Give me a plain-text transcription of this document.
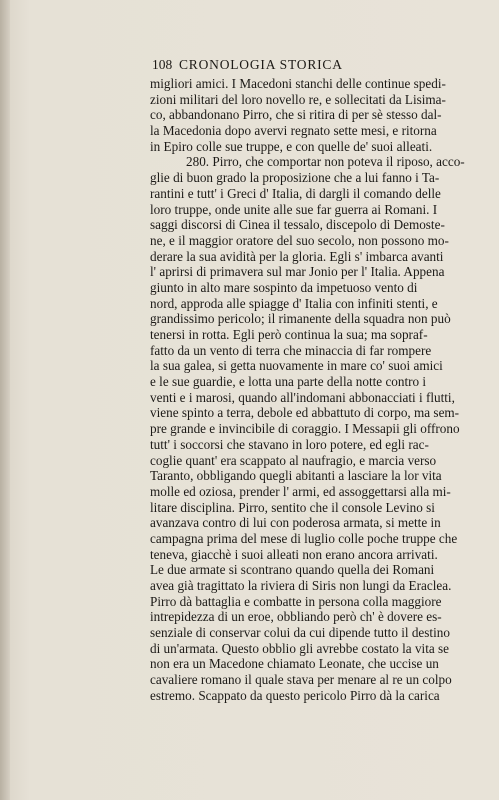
108 CRONOLOGIA STORICA
migliori amici. I Macedoni stanchi delle continue spedi-
zioni militari del loro novello re, e sollecitati da Lisima-
co, abbandonano Pirro, che si ritira di per sè stesso dal-
la Macedonia dopo avervi regnato sette mesi, e ritorna
in Epiro colle sue truppe, e con quelle de' suoi alleati.
280. Pirro, che comportar non poteva il riposo, acco-
glie di buon grado la proposizione che a lui fanno i Ta-
rantini e tutt' i Greci d' Italia, di dargli il comando delle
loro truppe, onde unite alle sue far guerra ai Romani. I
saggi discorsi di Cinea il tessalo, discepolo di Demoste-
ne, e il maggior oratore del suo secolo, non possono mo-
derare la sua avidità per la gloria. Egli s' imbarca avanti
l' aprirsi di primavera sul mar Jonio per l' Italia. Appena
giunto in alto mare sospinto da impetuoso vento di
nord, approda alle spiagge d' Italia con infiniti stenti, e
grandissimo pericolo; il rimanente della squadra non può
tenersi in rotta. Egli però continua la sua; ma sopraf-
fatto da un vento di terra che minaccia di far rompere
la sua galea, si getta nuovamente in mare co' suoi amici
e le sue guardie, e lotta una parte della notte contro i
venti e i marosi, quando all'indomani abbonacciati i flutti,
viene spinto a terra, debole ed abbattuto di corpo, ma sem-
pre grande e invincibile di coraggio. I Messapii gli offrono
tutt' i soccorsi che stavano in loro potere, ed egli rac-
coglie quant' era scappato al naufragio, e marcia verso
Taranto, obbligando quegli abitanti a lasciare la lor vita
molle ed oziosa, prender l' armi, ed assoggettarsi alla mi-
litare disciplina. Pirro, sentito che il console Levino si
avanzava contro di lui con poderosa armata, si mette in
campagna prima del mese di luglio colle poche truppe che
teneva, giacchè i suoi alleati non erano ancora arrivati.
Le due armate si scontrano quando quella dei Romani
avea già tragittato la riviera di Siris non lungi da Eraclea.
Pirro dà battaglia e combatte in persona colla maggiore
intrepidezza di un eroe, obbliando però ch' è dovere es-
senziale di conservar colui da cui dipende tutto il destino
di un'armata. Questo obblio gli avrebbe costato la vita se
non era un Macedone chiamato Leonate, che uccise un
cavaliere romano il quale stava per menare al re un colpo
estremo. Scappato da questo pericolo Pirro dà la carica
